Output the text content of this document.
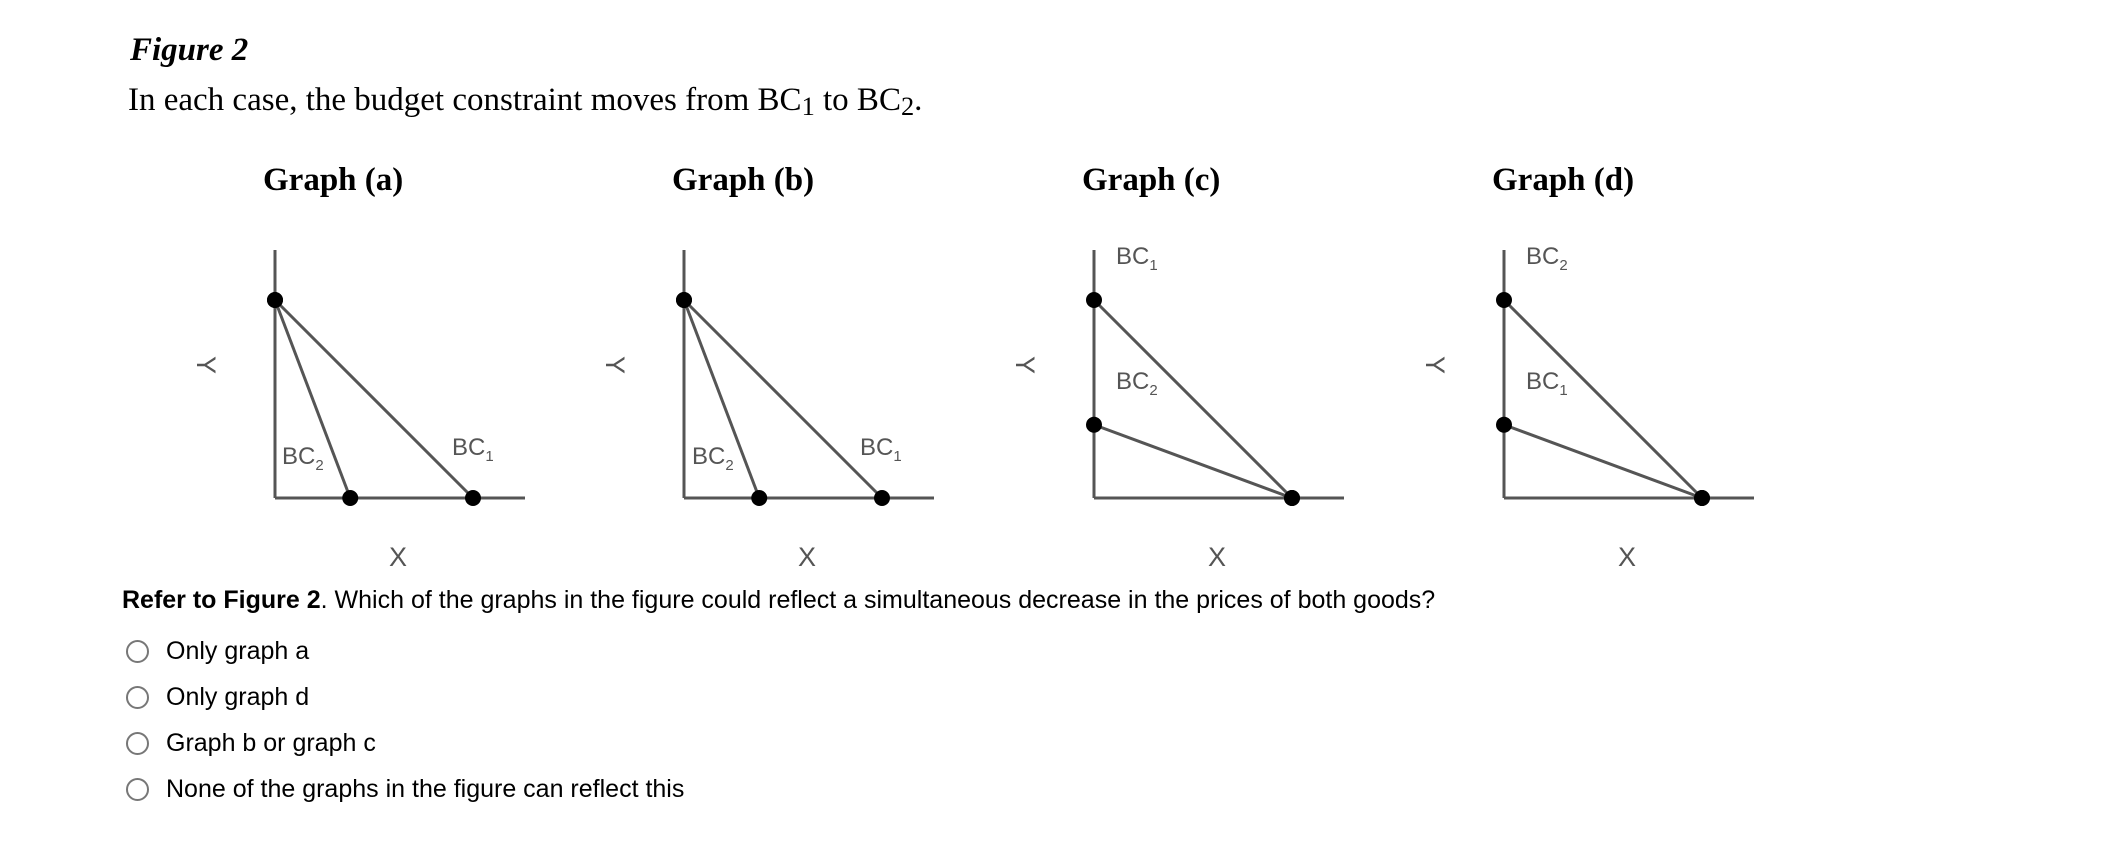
Figure 2
In each case, the budget constraint moves from $BC_1$ to $BC_2$.
Graph (a)
Y
X
$BC_1$
$BC_2$
Graph (b)
Y
X
$BC_1$
$BC_2$
Graph (c)
Y
X
$BC_1$
$BC_2$
Graph (d)
Y
X
$BC_2$
$BC_1$
Refer to Figure 2. Which of the graphs in the figure could reflect a simultaneous decrease in the prices of both goods?
Only graph a
Only graph d
Graph b or graph c
None of the graphs in the figure can reflect this
